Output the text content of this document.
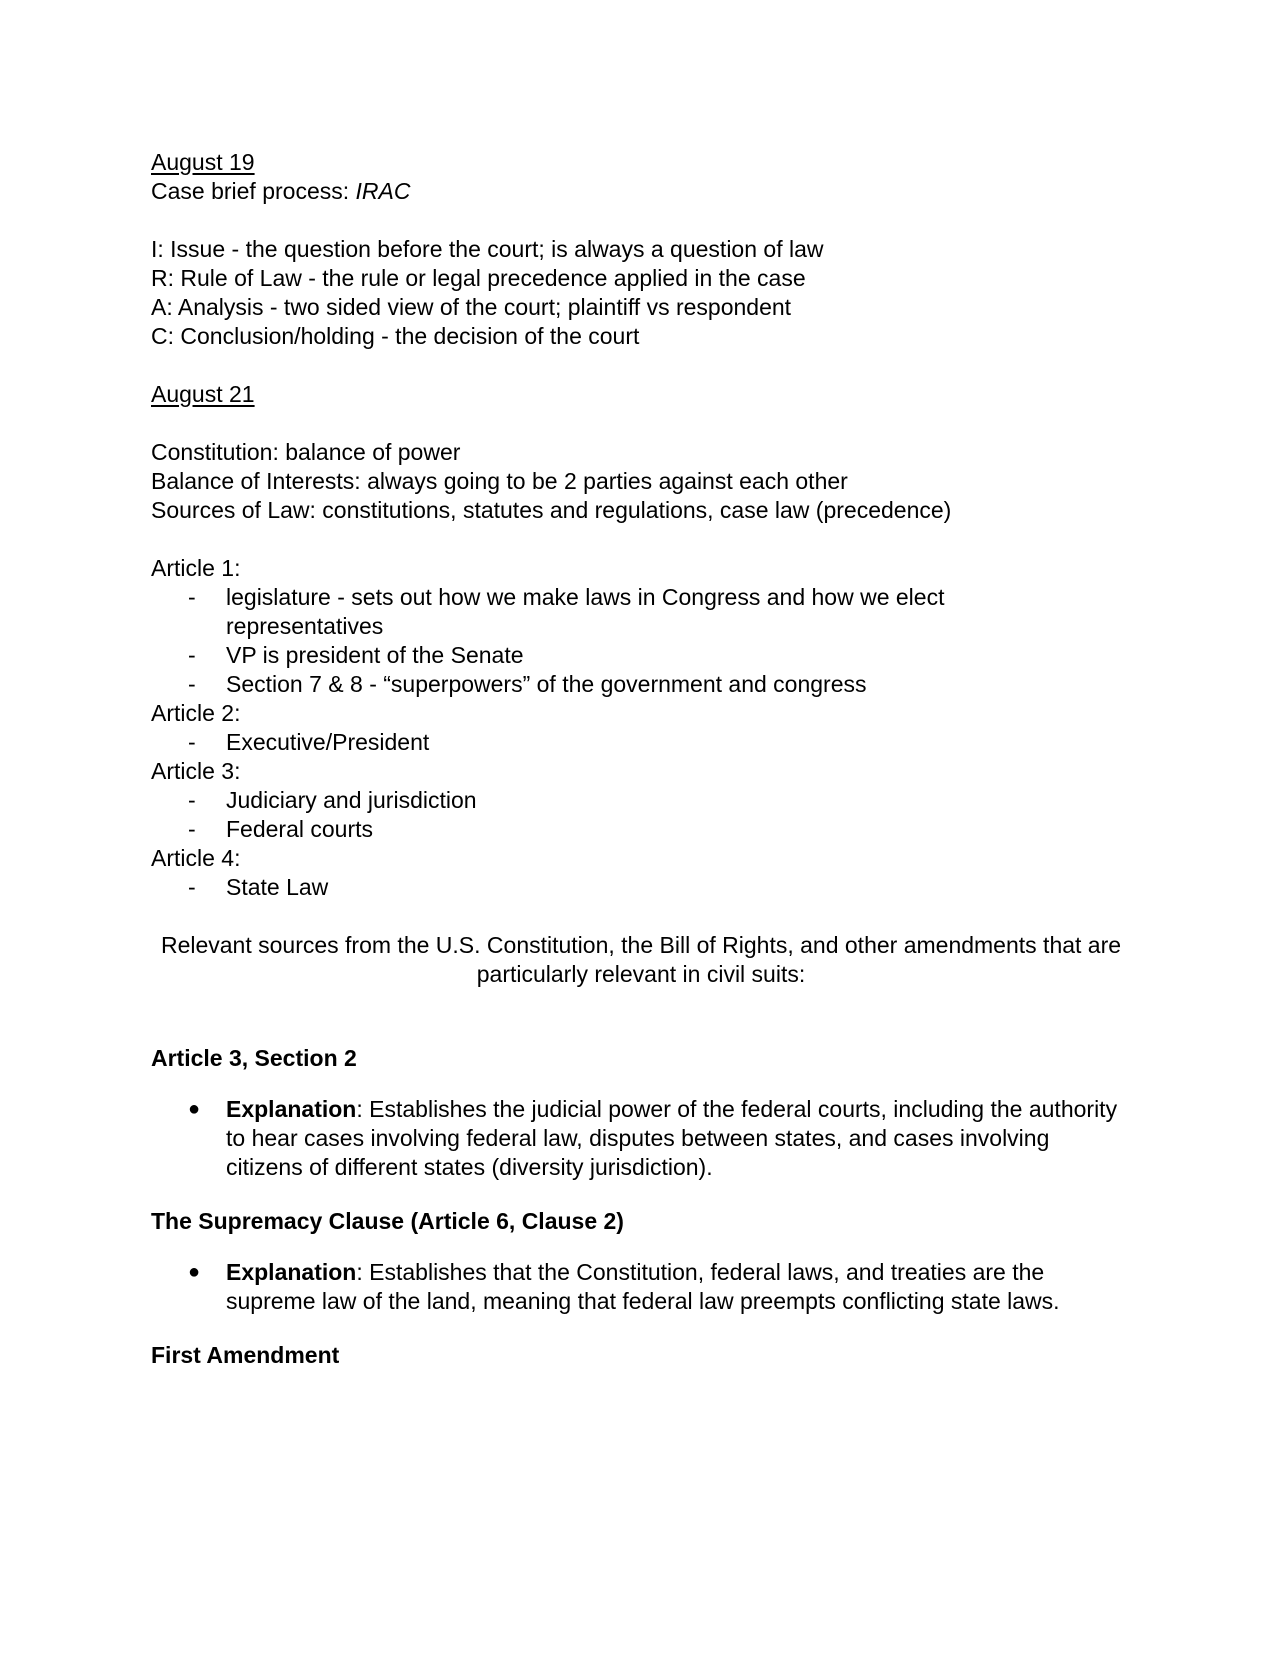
August 19
Case brief process: IRAC
I: Issue - the question before the court; is always a question of law
R: Rule of Law - the rule or legal precedence applied in the case
A: Analysis - two sided view of the court; plaintiff vs respondent
C: Conclusion/holding - the decision of the court
August 21
Constitution: balance of power
Balance of Interests: always going to be 2 parties against each other
Sources of Law: constitutions, statutes and regulations, case law (precedence)
Article 1:
- legislature - sets out how we make laws in Congress and how we elect representatives
- VP is president of the Senate
- Section 7 & 8 - “superpowers” of the government and congress
Article 2:
- Executive/President
Article 3:
- Judiciary and jurisdiction
- Federal courts
Article 4:
- State Law
Relevant sources from the U.S. Constitution, the Bill of Rights, and other amendments that are particularly relevant in civil suits:
Article 3, Section 2
● Explanation: Establishes the judicial power of the federal courts, including the authority to hear cases involving federal law, disputes between states, and cases involving citizens of different states (diversity jurisdiction).
The Supremacy Clause (Article 6, Clause 2)
● Explanation: Establishes that the Constitution, federal laws, and treaties are the supreme law of the land, meaning that federal law preempts conflicting state laws.
First Amendment
